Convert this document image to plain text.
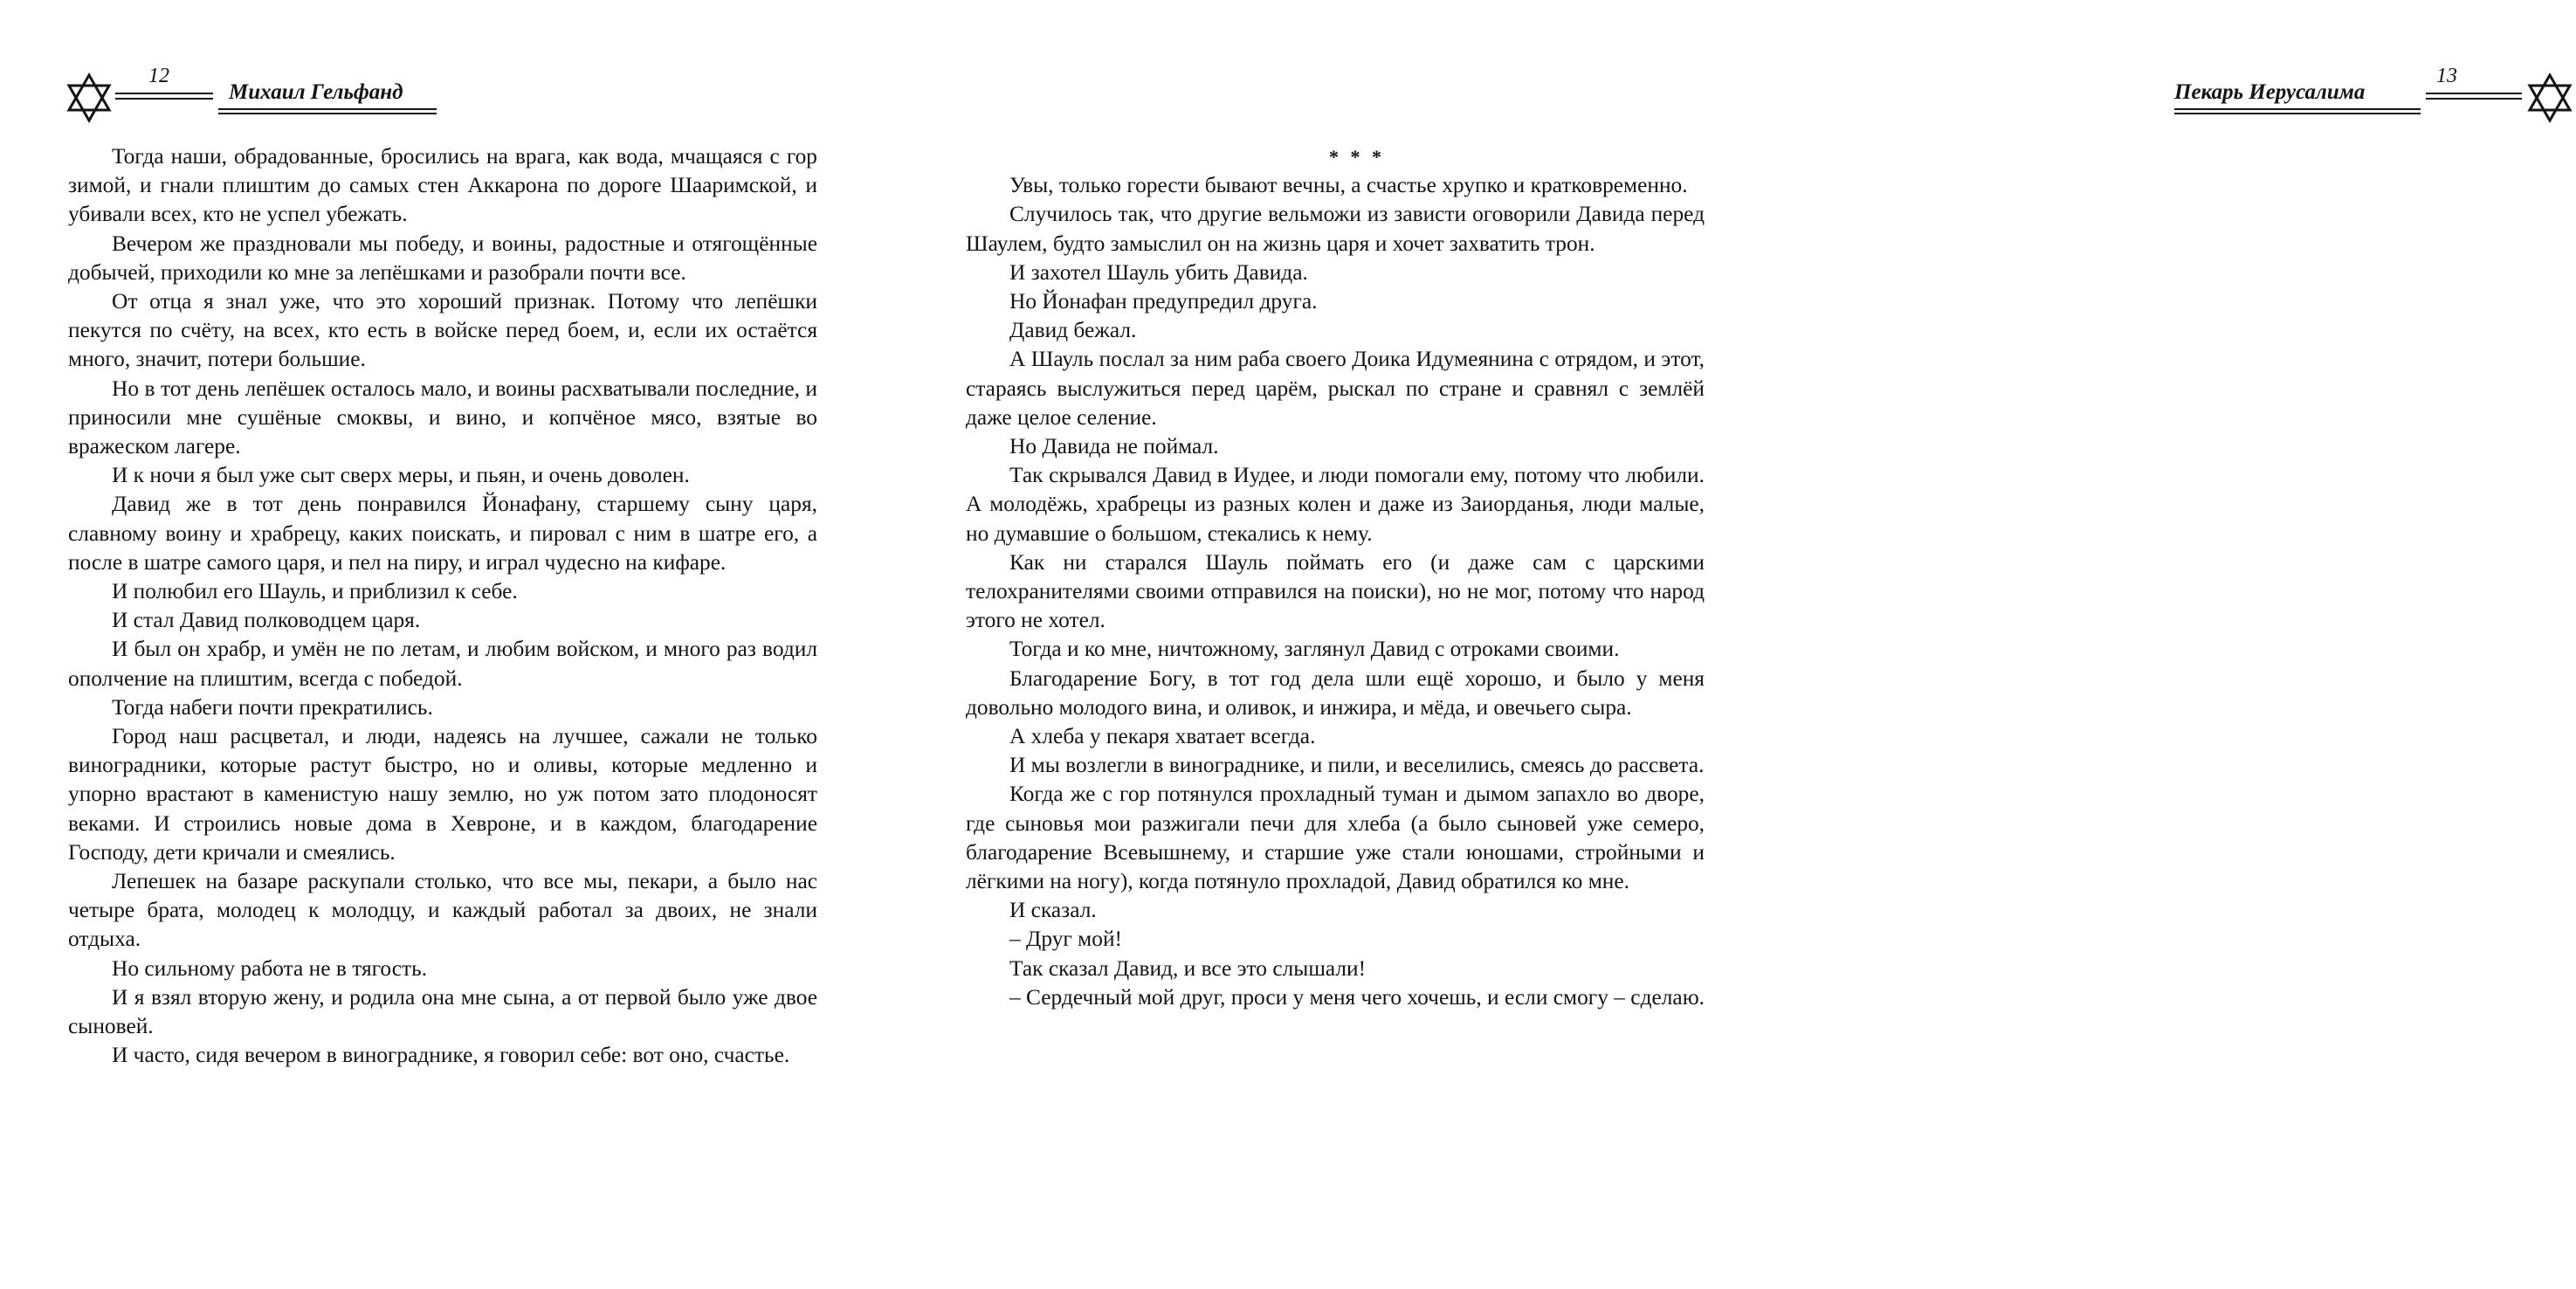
12
Михаил Гельфанд

Тогда наши, обрадованные, бросились на врага, как вода, мчащаяся с гор зимой, и гнали плиштим до самых стен Аккарона по дороге Шааримской, и убивали всех, кто не успел убежать.

Вечером же праздновали мы победу, и воины, радостные и отягощённые добычей, приходили ко мне за лепёшками и разобрали почти все.

От отца я знал уже, что это хороший признак. Потому что лепёшки пекутся по счёту, на всех, кто есть в войске перед боем, и, если их остаётся много, значит, потери большие.

Но в тот день лепёшек осталось мало, и воины расхватывали последние, и приносили мне сушёные смоквы, и вино, и копчёное мясо, взятые во вражеском лагере.

И к ночи я был уже сыт сверх меры, и пьян, и очень доволен.

Давид же в тот день понравился Йонафану, старшему сыну царя, славному воину и храбрецу, каких поискать, и пировал с ним в шатре его, а после в шатре самого царя, и пел на пиру, и играл чудесно на кифаре.

И полюбил его Шауль, и приблизил к себе.

И стал Давид полководцем царя.

И был он храбр, и умён не по летам, и любим войском, и много раз водил ополчение на плиштим, всегда с победой.

Тогда набеги почти прекратились.

Город наш расцветал, и люди, надеясь на лучшее, сажали не только виноградники, которые растут быстро, но и оливы, которые медленно и упорно врастают в каменистую нашу землю, но уж потом зато плодоносят веками. И строились новые дома в Хевроне, и в каждом, благодарение Господу, дети кричали и смеялись.

Лепешек на базаре раскупали столько, что все мы, пекари, а было нас четыре брата, молодец к молодцу, и каждый работал за двоих, не знали отдыха.

Но сильному работа не в тягость.

И я взял вторую жену, и родила она мне сына, а от первой было уже двое сыновей.

И часто, сидя вечером в винограднике, я говорил себе: вот оно, счастье.

Пекарь Иерусалима
13

* * *

Увы, только горести бывают вечны, а счастье хрупко и кратковременно.

Случилось так, что другие вельможи из зависти оговорили Давида перед Шаулем, будто замыслил он на жизнь царя и хочет захватить трон.

И захотел Шауль убить Давида.

Но Йонафан предупредил друга.

Давид бежал.

А Шауль послал за ним раба своего Доика Идумеянина с отрядом, и этот, стараясь выслужиться перед царём, рыскал по стране и сравнял с землёй даже целое селение.

Но Давида не поймал.

Так скрывался Давид в Иудее, и люди помогали ему, потому что любили. А молодёжь, храбрецы из разных колен и даже из Заиорданья, люди малые, но думавшие о большом, стекались к нему.

Как ни старался Шауль поймать его (и даже сам с царскими телохранителями своими отправился на поиски), но не мог, потому что народ этого не хотел.

Тогда и ко мне, ничтожному, заглянул Давид с отроками своими.

Благодарение Богу, в тот год дела шли ещё хорошо, и было у меня довольно молодого вина, и оливок, и инжира, и мёда, и овечьего сыра.

А хлеба у пекаря хватает всегда.

И мы возлегли в винограднике, и пили, и веселились, смеясь до рассвета.

Когда же с гор потянулся прохладный туман и дымом запахло во дворе, где сыновья мои разжигали печи для хлеба (а было сыновей уже семеро, благодарение Всевышнему, и старшие уже стали юношами, стройными и лёгкими на ногу), когда потянуло прохладой, Давид обратился ко мне.

И сказал.

– Друг мой!

Так сказал Давид, и все это слышали!

– Сердечный мой друг, проси у меня чего хочешь, и если смогу – сделаю.
